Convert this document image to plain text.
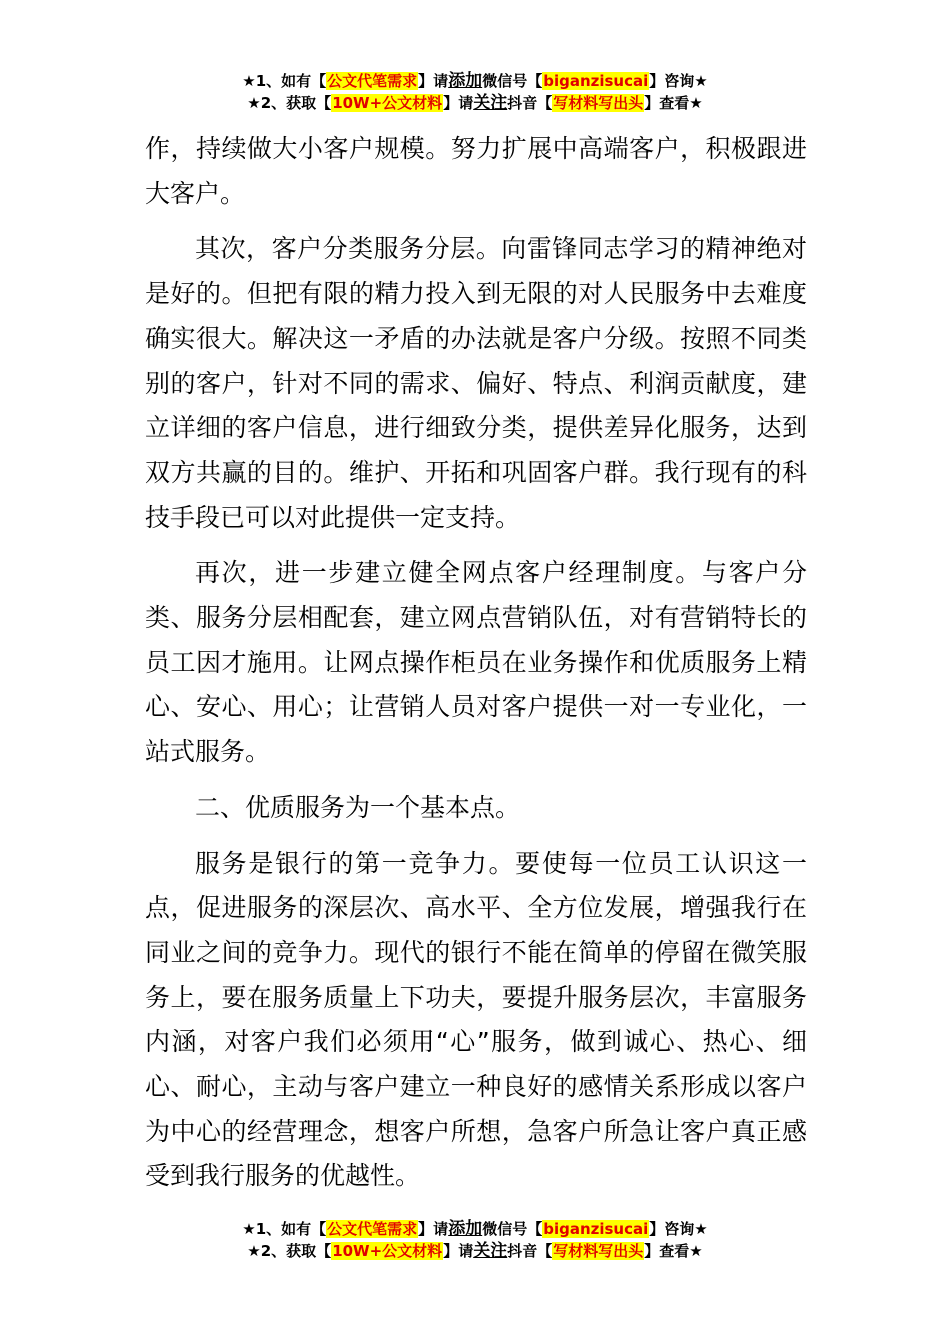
★1、如有【公文代笔需求】请添加微信号【biganzisucai】咨询★
★2、获取【10W+公文材料】请关注抖音【写材料写出头】查看★

作，持续做大小客户规模。努力扩展中高端客户，积极跟进大客户。

其次，客户分类服务分层。向雷锋同志学习的精神绝对是好的。但把有限的精力投入到无限的对人民服务中去难度确实很大。解决这一矛盾的办法就是客户分级。按照不同类别的客户，针对不同的需求、偏好、特点、利润贡献度，建立详细的客户信息，进行细致分类，提供差异化服务，达到双方共赢的目的。维护、开拓和巩固客户群。我行现有的科技手段已可以对此提供一定支持。

再次，进一步建立健全网点客户经理制度。与客户分类、服务分层相配套，建立网点营销队伍，对有营销特长的员工因才施用。让网点操作柜员在业务操作和优质服务上精心、安心、用心；让营销人员对客户提供一对一专业化，一站式服务。

二、优质服务为一个基本点。

服务是银行的第一竞争力。要使每一位员工认识这一点，促进服务的深层次、高水平、全方位发展，增强我行在同业之间的竞争力。现代的银行不能在简单的停留在微笑服务上，要在服务质量上下功夫，要提升服务层次，丰富服务内涵，对客户我们必须用“心”服务，做到诚心、热心、细心、耐心，主动与客户建立一种良好的感情关系形成以客户为中心的经营理念，想客户所想，急客户所急让客户真正感受到我行服务的优越性。

★1、如有【公文代笔需求】请添加微信号【biganzisucai】咨询★
★2、获取【10W+公文材料】请关注抖音【写材料写出头】查看★
